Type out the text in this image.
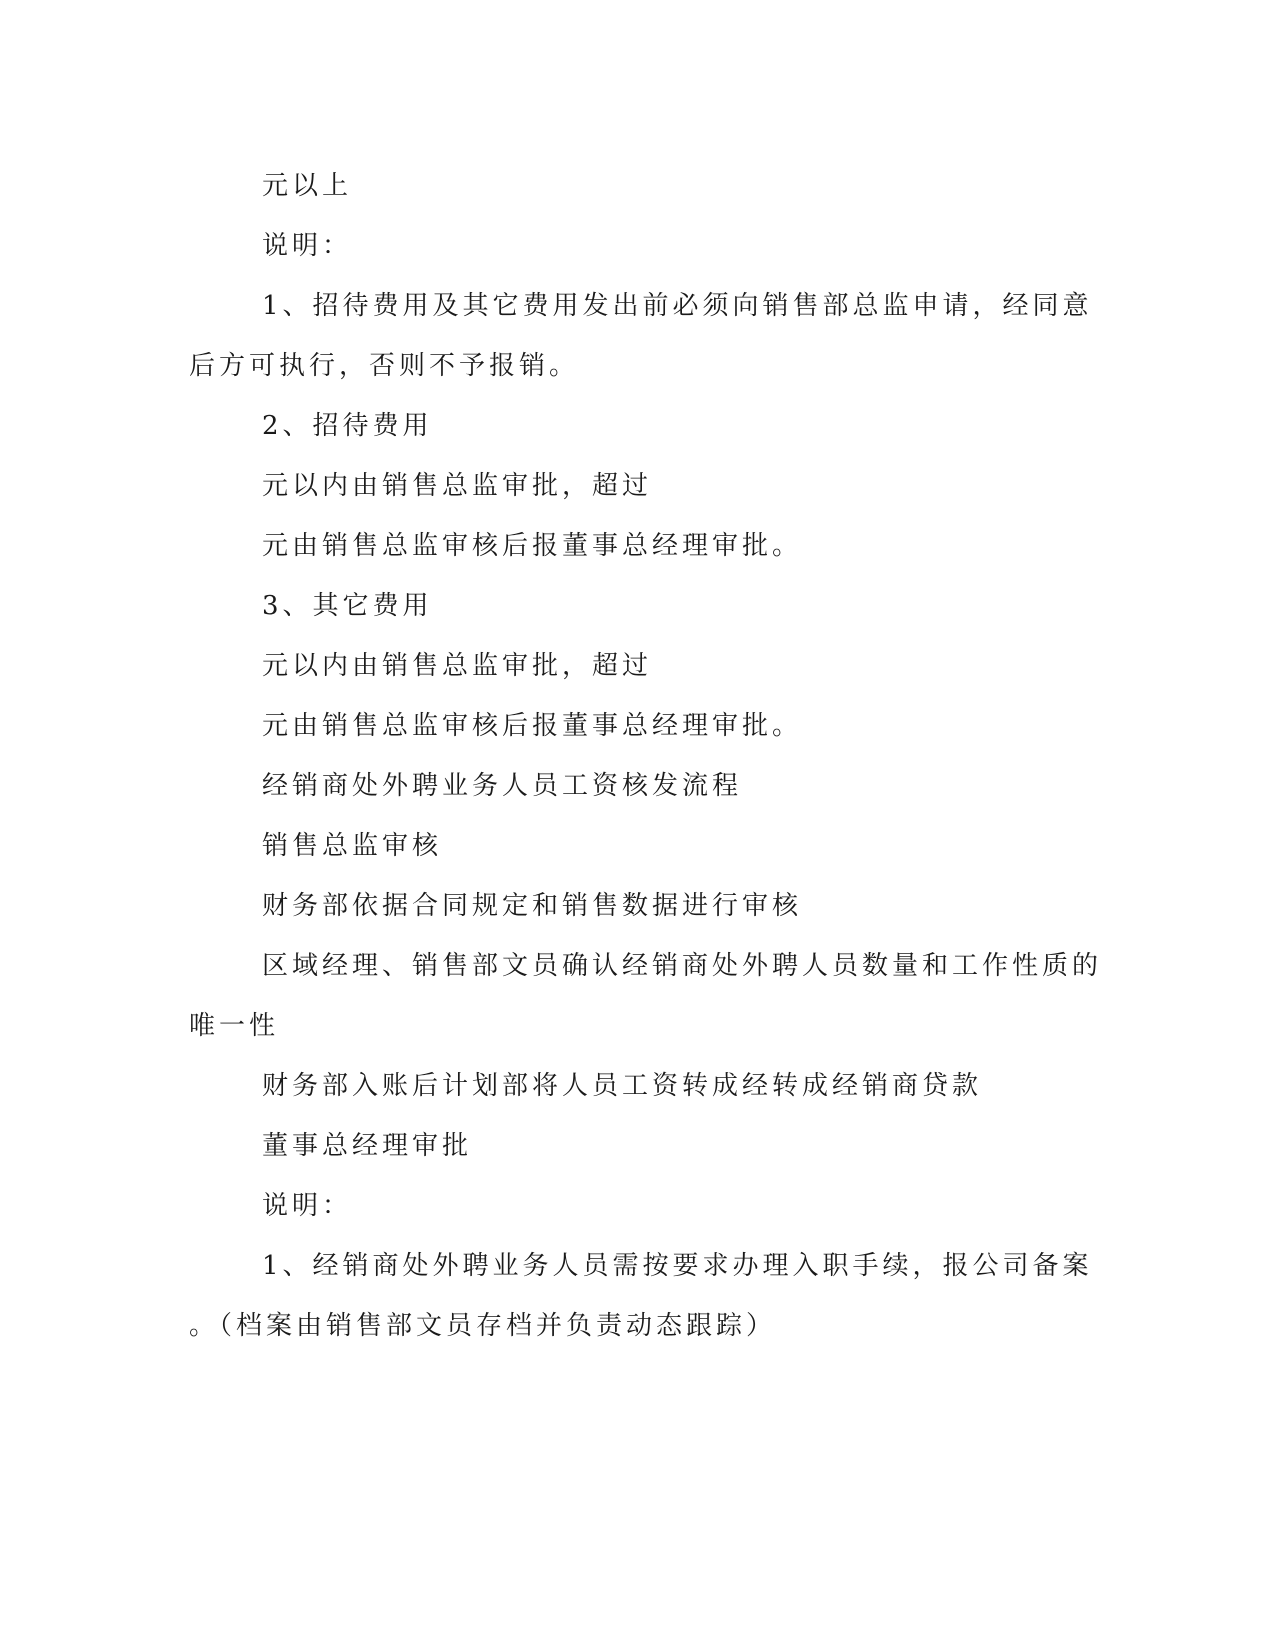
元以上
说明：
1、招待费用及其它费用发出前必须向销售部总监申请，经同意
后方可执行，否则不予报销。
2、招待费用
元以内由销售总监审批，超过
元由销售总监审核后报董事总经理审批。
3、其它费用
元以内由销售总监审批，超过
元由销售总监审核后报董事总经理审批。
经销商处外聘业务人员工资核发流程
销售总监审核
财务部依据合同规定和销售数据进行审核
区域经理、销售部文员确认经销商处外聘人员数量和工作性质的
唯一性
财务部入账后计划部将人员工资转成经转成经销商贷款
董事总经理审批
说明：
1、经销商处外聘业务人员需按要求办理入职手续，报公司备案
。（档案由销售部文员存档并负责动态跟踪）
